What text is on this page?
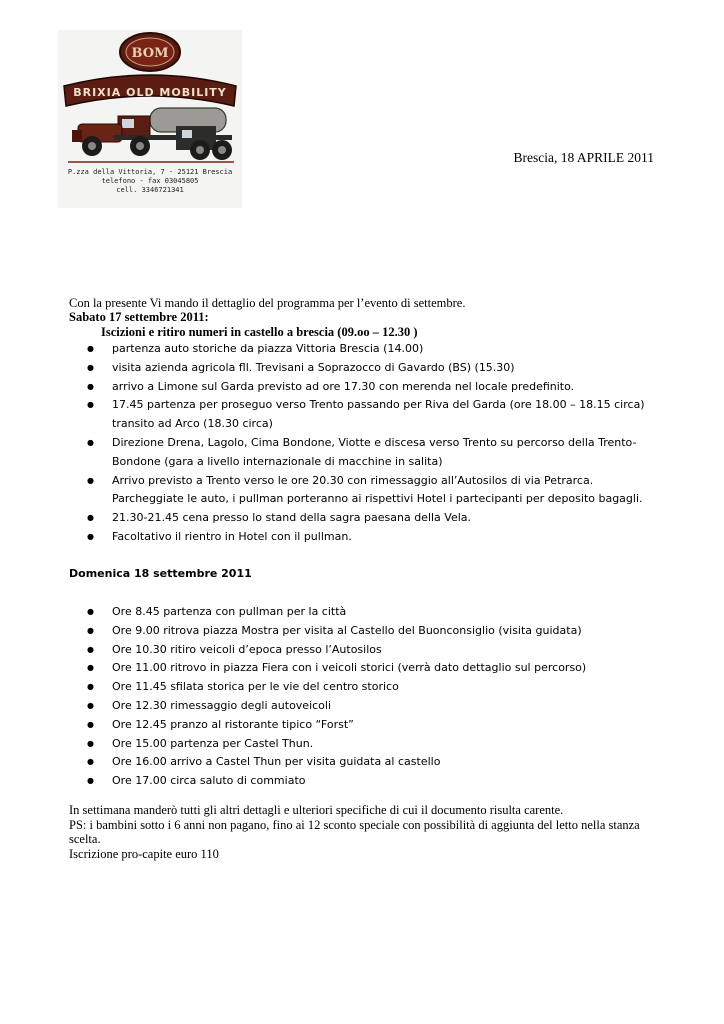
BOM
BRIXIA OLD MOBILITY
P.zza della Vittoria, 7 - 25121 Brescia
telefono - fax 03045805
cell. 3346721341
Brescia, 18 APRILE 2011
Con la presente Vi mando il dettaglio del programma per l’evento di settembre.
Sabato 17 settembre 2011:
Iscizioni e ritiro numeri in castello a brescia (09.oo – 12.30 )
● partenza auto storiche da piazza Vittoria Brescia (14.00)
● visita azienda agricola fll. Trevisani a Soprazocco di Gavardo (BS) (15.30)
● arrivo a Limone sul Garda previsto ad ore 17.30 con merenda nel locale predefinito.
● 17.45 partenza per proseguo verso Trento passando per Riva del Garda (ore 18.00 – 18.15 circa) transito ad Arco (18.30 circa)
● Direzione Drena, Lagolo, Cima Bondone, Viotte e discesa verso Trento su percorso della Trento-Bondone (gara a livello internazionale di macchine in salita)
● Arrivo previsto a Trento verso le ore 20.30 con rimessaggio all’Autosilos di via Petrarca. Parcheggiate le auto, i pullman porteranno ai rispettivi Hotel i partecipanti per deposito bagagli.
● 21.30-21.45 cena presso lo stand della sagra paesana della Vela.
● Facoltativo il rientro in Hotel con il pullman.
Domenica 18 settembre 2011
● Ore 8.45 partenza con pullman per la città
● Ore 9.00 ritrova piazza Mostra per visita al Castello del Buonconsiglio (visita guidata)
● Ore 10.30 ritiro veicoli d’epoca presso l’Autosilos
● Ore 11.00 ritrovo in piazza Fiera con i veicoli storici (verrà dato dettaglio sul percorso)
● Ore 11.45 sfilata storica per le vie del centro storico
● Ore 12.30 rimessaggio degli autoveicoli
● Ore 12.45 pranzo al ristorante tipico “Forst”
● Ore 15.00 partenza per Castel Thun.
● Ore 16.00 arrivo a Castel Thun per visita guidata al castello
● Ore 17.00 circa saluto di commiato
In settimana manderò tutti gli altri dettagli e ulteriori specifiche di cui il documento risulta carente.
PS: i bambini sotto i 6 anni non pagano, fino ai 12 sconto speciale con possibilità di aggiunta del letto nella stanza scelta.
Iscrizione pro-capite euro 110
